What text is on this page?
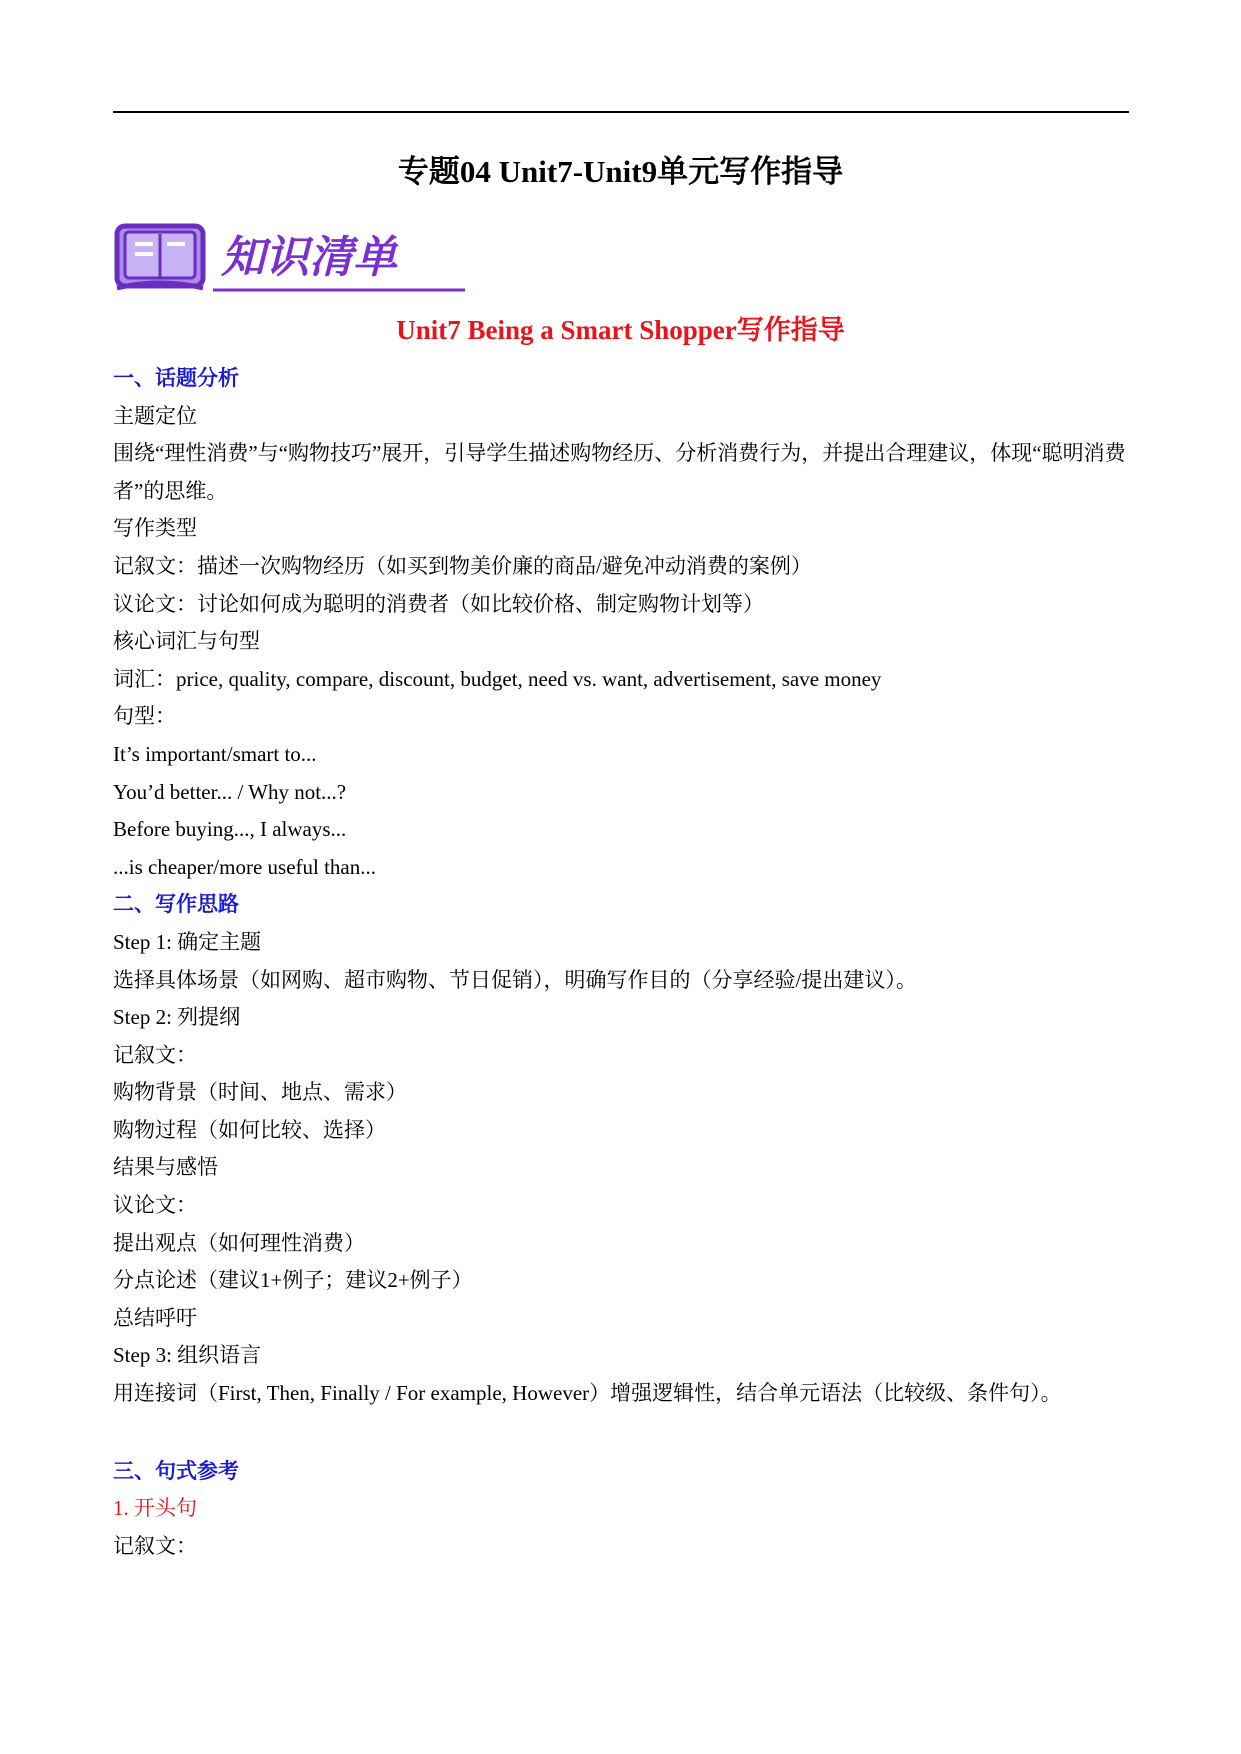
专题04 Unit7-Unit9单元写作指导
知识清单
Unit7 Being a Smart Shopper写作指导
一、话题分析
主题定位
围绕“理性消费”与“购物技巧”展开，引导学生描述购物经历、分析消费行为，并提出合理建议，体现“聪明消费者”的思维。
写作类型
记叙文：描述一次购物经历（如买到物美价廉的商品/避免冲动消费的案例）
议论文：讨论如何成为聪明的消费者（如比较价格、制定购物计划等）
核心词汇与句型
词汇：price, quality, compare, discount, budget, need vs. want, advertisement, save money
句型：
It’s important/smart to...
You’d better... / Why not...?
Before buying..., I always...
...is cheaper/more useful than...
二、写作思路
Step 1: 确定主题
选择具体场景（如网购、超市购物、节日促销），明确写作目的（分享经验/提出建议）。
Step 2: 列提纲
记叙文：
购物背景（时间、地点、需求）
购物过程（如何比较、选择）
结果与感悟
议论文：
提出观点（如何理性消费）
分点论述（建议1+例子；建议2+例子）
总结呼吁
Step 3: 组织语言
用连接词（First, Then, Finally / For example, However）增强逻辑性，结合单元语法（比较级、条件句）。
三、句式参考
1. 开头句
记叙文：
